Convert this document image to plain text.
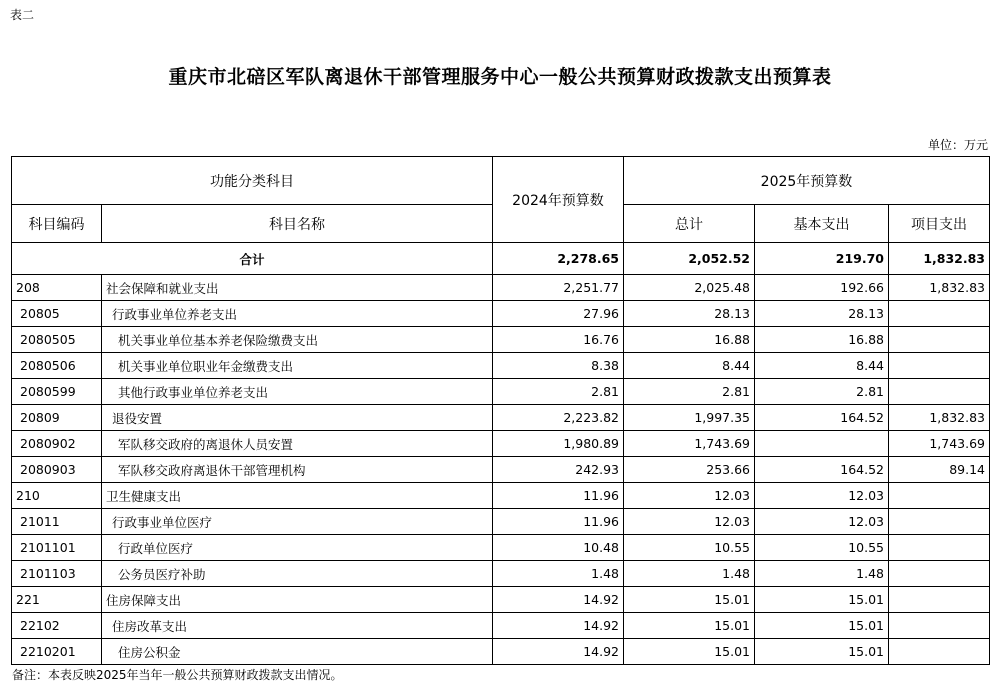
表二
重庆市北碚区军队离退休干部管理服务中心一般公共预算财政拨款支出预算表
单位：万元
功能分类科目		2024年预算数	2025年预算数		
科目编码	科目名称		总计	基本支出	项目支出
合计		2,278.65	2,052.52	219.70	1,832.83
208	社会保障和就业支出	2,251.77	2,025.48	192.66	1,832.83
20805	行政事业单位养老支出	27.96	28.13	28.13	
2080505	机关事业单位基本养老保险缴费支出	16.76	16.88	16.88	
2080506	机关事业单位职业年金缴费支出	8.38	8.44	8.44	
2080599	其他行政事业单位养老支出	2.81	2.81	2.81	
20809	退役安置	2,223.82	1,997.35	164.52	1,832.83
2080902	军队移交政府的离退休人员安置	1,980.89	1,743.69		1,743.69
2080903	军队移交政府离退休干部管理机构	242.93	253.66	164.52	89.14
210	卫生健康支出	11.96	12.03	12.03	
21011	行政事业单位医疗	11.96	12.03	12.03	
2101101	行政单位医疗	10.48	10.55	10.55	
2101103	公务员医疗补助	1.48	1.48	1.48	
221	住房保障支出	14.92	15.01	15.01	
22102	住房改革支出	14.92	15.01	15.01	
2210201	住房公积金	14.92	15.01	15.01	
备注：本表反映2025年当年一般公共预算财政拨款支出情况。
